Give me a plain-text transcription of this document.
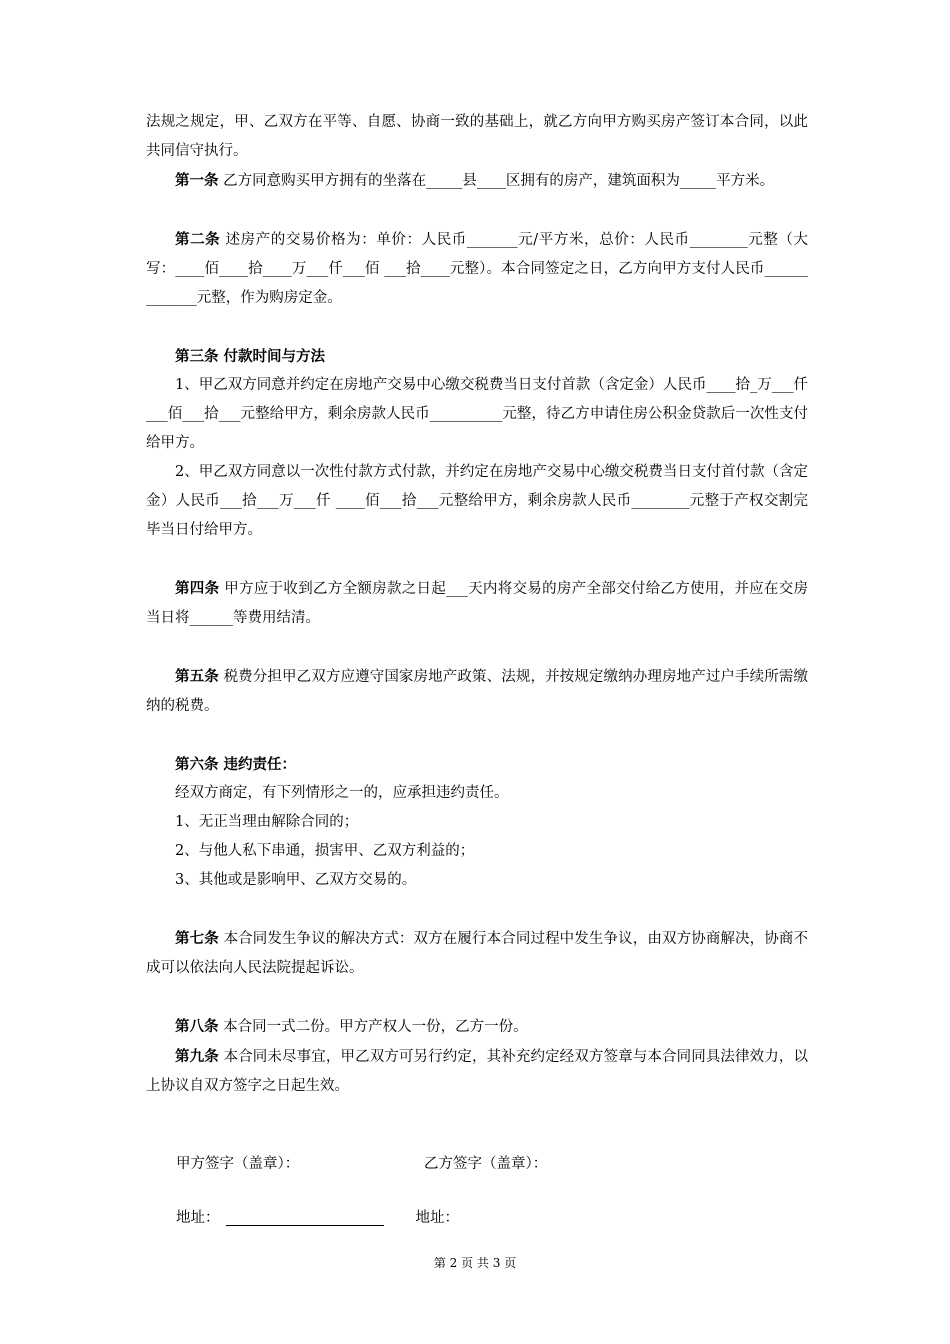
法规之规定，甲、乙双方在平等、自愿、协商一致的基础上，就乙方向甲方购买房产签订本合同，以此共同信守执行。

第一条 乙方同意购买甲方拥有的坐落在_____县____区拥有的房产，建筑面积为_____平方米。

第二条 述房产的交易价格为：单价：人民币_______元/平方米，总价：人民币________元整（大写：____佰____拾____万___仟___佰 ___拾____元整）。本合同签定之日，乙方向甲方支付人民币_____________元整，作为购房定金。

第三条 付款时间与方法

1、甲乙双方同意并约定在房地产交易中心缴交税费当日支付首款（含定金）人民币____拾_万___仟___佰___拾___元整给甲方，剩余房款人民币__________元整，待乙方申请住房公积金贷款后一次性支付给甲方。

2、甲乙双方同意以一次性付款方式付款，并约定在房地产交易中心缴交税费当日支付首付款（含定金）人民币___拾___万___仟 ____佰___拾___元整给甲方，剩余房款人民币________元整于产权交割完毕当日付给甲方。

第四条 甲方应于收到乙方全额房款之日起___天内将交易的房产全部交付给乙方使用，并应在交房当日将______等费用结清。

第五条 税费分担甲乙双方应遵守国家房地产政策、法规，并按规定缴纳办理房地产过户手续所需缴纳的税费。

第六条 违约责任：

经双方商定，有下列情形之一的，应承担违约责任。

1、无正当理由解除合同的；

2、与他人私下串通，损害甲、乙双方利益的；

3、其他或是影响甲、乙双方交易的。

第七条 本合同发生争议的解决方式：双方在履行本合同过程中发生争议，由双方协商解决，协商不成可以依法向人民法院提起诉讼。

第八条 本合同一式二份。甲方产权人一份，乙方一份。

第九条 本合同未尽事宜，甲乙双方可另行约定，其补充约定经双方签章与本合同同具法律效力，以上协议自双方签字之日起生效。

甲方签字（盖章）：	乙方签字（盖章）：
地址：	地址：
第 2 页 共 3 页
